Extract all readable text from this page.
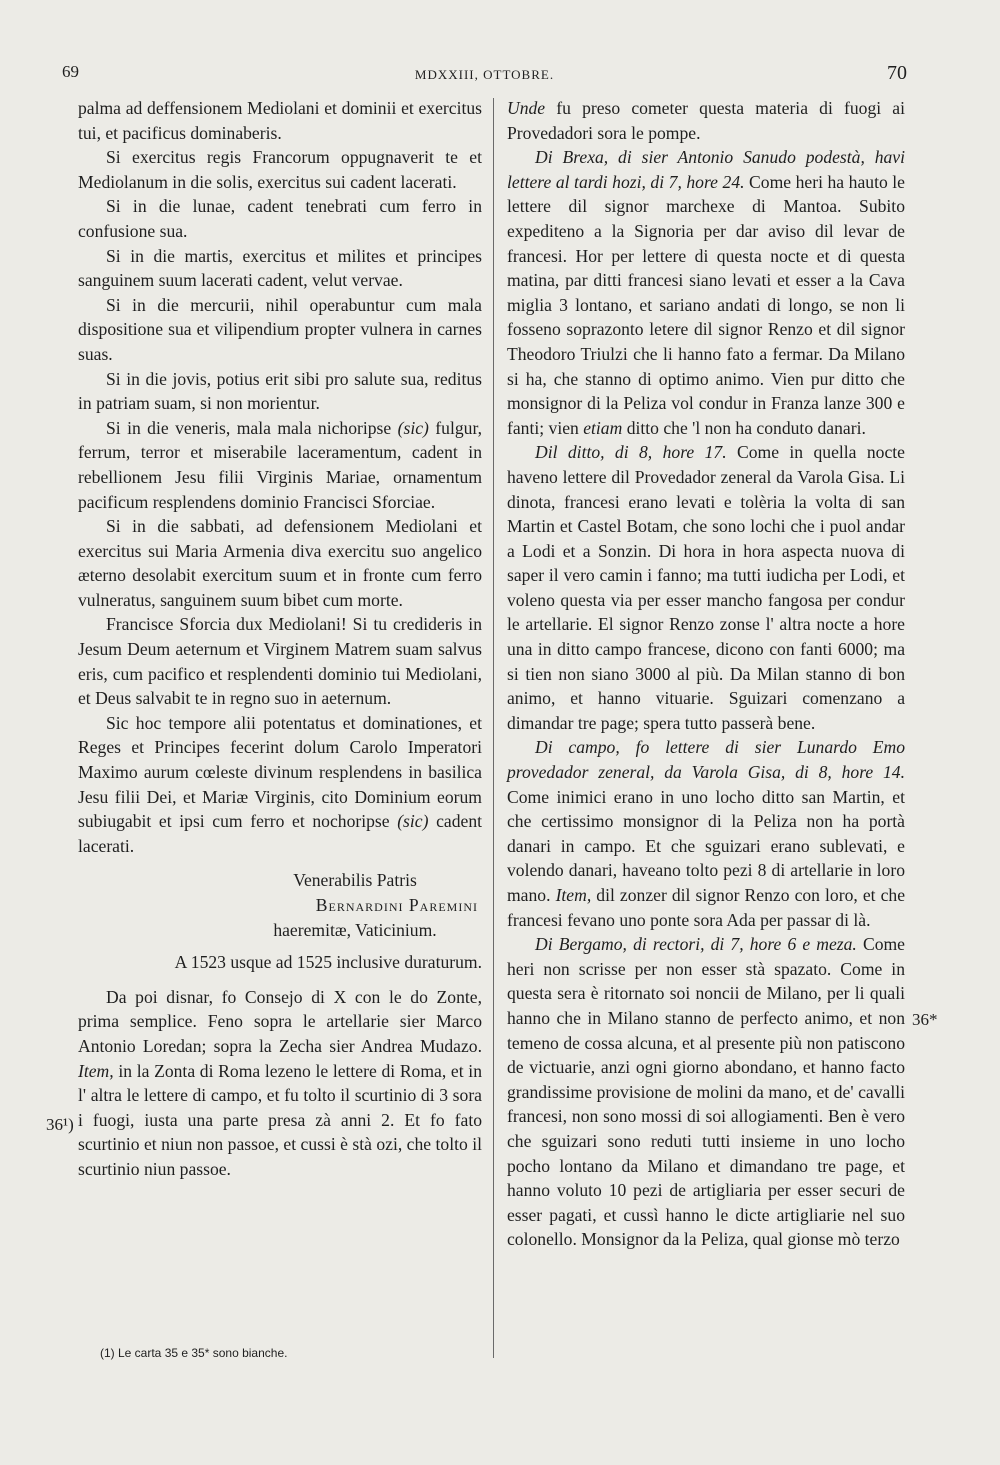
69	MDXXIII, OTTOBRE.	70

palma ad deffensionem Mediolani et dominii et exercitus tui, et pacificus dominaberis.

Si exercitus regis Francorum oppugnaverit te et Mediolanum in die solis, exercitus sui cadent lacerati.

Si in die lunae, cadent tenebrati cum ferro in confusione sua.

Si in die martis, exercitus et milites et principes sanguinem suum lacerati cadent, velut vervae.

Si in die mercurii, nihil operabuntur cum mala dispositione sua et vilipendium propter vulnera in carnes suas.

Si in die jovis, potius erit sibi pro salute sua, reditus in patriam suam, si non morientur.

Si in die veneris, mala mala nichoripse (sic) fulgur, ferrum, terror et miserabile laceramentum, cadent in rebellionem Jesu filii Virginis Mariae, ornamentum pacificum resplendens dominio Francisci Sforciae.

Si in die sabbati, ad defensionem Mediolani et exercitus sui Maria Armenia diva exercitu suo angelico æterno desolabit exercitum suum et in fronte cum ferro vulneratus, sanguinem suum bibet cum morte.

Francisce Sforcia dux Mediolani! Si tu credideris in Jesum Deum aeternum et Virginem Matrem suam salvus eris, cum pacifico et resplendenti dominio tui Mediolani, et Deus salvabit te in regno suo in aeternum.

Sic hoc tempore alii potentatus et dominationes, et Reges et Principes fecerint dolum Carolo Imperatori Maximo aurum cœleste divinum resplendens in basilica Jesu filii Dei, et Mariæ Virginis, cito Dominium eorum subiugabit et ipsi cum ferro et nochoripse (sic) cadent lacerati.

Venerabilis Patris

Bernardini Paremini

haeremitæ, Vaticinium.

A 1523 usque ad 1525 inclusive duraturum.

Da poi disnar, fo Consejo di X con le do Zonte, prima semplice. Feno sopra le artellarie sier Marco Antonio Loredan; sopra la Zecha sier Andrea Mudazo. Item, in la Zonta di Roma lezeno le lettere di Roma, et in l' altra le lettere di campo, et fu tolto il scurtinio di 3 sora i fuogi, iusta una parte presa zà anni 2. Et fo fato scurtinio et niun non passoe, et cussi è stà ozi, che tolto il scurtinio niun passoe.

36¹)
36*
(1) Le carta 35 e 35* sono bianche.

Unde fu preso cometer questa materia di fuogi ai Provedadori sora le pompe.

Di Brexa, di sier Antonio Sanudo podestà, havi lettere al tardi hozi, di 7, hore 24. Come heri ha hauto le lettere dil signor marchexe di Mantoa. Subito expediteno a la Signoria per dar aviso dil levar de francesi. Hor per lettere di questa nocte et di questa matina, par ditti francesi siano levati et esser a la Cava miglia 3 lontano, et sariano andati di longo, se non li fosseno soprazonto letere dil signor Renzo et dil signor Theodoro Triulzi che li hanno fato a fermar. Da Milano si ha, che stanno di optimo animo. Vien pur ditto che monsignor di la Peliza vol condur in Franza lanze 300 e fanti; vien etiam ditto che 'l non ha conduto danari.

Dil ditto, di 8, hore 17. Come in quella nocte haveno lettere dil Provedador zeneral da Varola Gisa. Li dinota, francesi erano levati e tolèria la volta di san Martin et Castel Botam, che sono lochi che i puol andar a Lodi et a Sonzin. Di hora in hora aspecta nuova di saper il vero camin i fanno; ma tutti iudicha per Lodi, et voleno questa via per esser mancho fangosa per condur le artellarie. El signor Renzo zonse l' altra nocte a hore una in ditto campo francese, dicono con fanti 6000; ma si tien non siano 3000 al più. Da Milan stanno di bon animo, et hanno vituarie. Sguizari comenzano a dimandar tre page; spera tutto passerà bene.

Di campo, fo lettere di sier Lunardo Emo provedador zeneral, da Varola Gisa, di 8, hore 14. Come inimici erano in uno locho ditto san Martin, et che certissimo monsignor di la Peliza non ha portà danari in campo. Et che sguizari erano sublevati, e volendo danari, haveano tolto pezi 8 di artellarie in loro mano. Item, dil zonzer dil signor Renzo con loro, et che francesi fevano uno ponte sora Ada per passar di là.

Di Bergamo, di rectori, di 7, hore 6 e meza. Come heri non scrisse per non esser stà spazato. Come in questa sera è ritornato soi noncii de Milano, per li quali hanno che in Milano stanno de perfecto animo, et non temeno de cossa alcuna, et al presente più non patiscono de victuarie, anzi ogni giorno abondano, et hanno facto grandissime provisione de molini da mano, et de' cavalli francesi, non sono mossi di soi allogiamenti. Ben è vero che sguizari sono reduti tutti insieme in uno locho pocho lontano da Milano et dimandano tre page, et hanno voluto 10 pezi de artigliaria per esser securi de esser pagati, et cussì hanno le dicte artigliarie nel suo colonello. Monsignor da la Peliza, qual gionse mò terzo
